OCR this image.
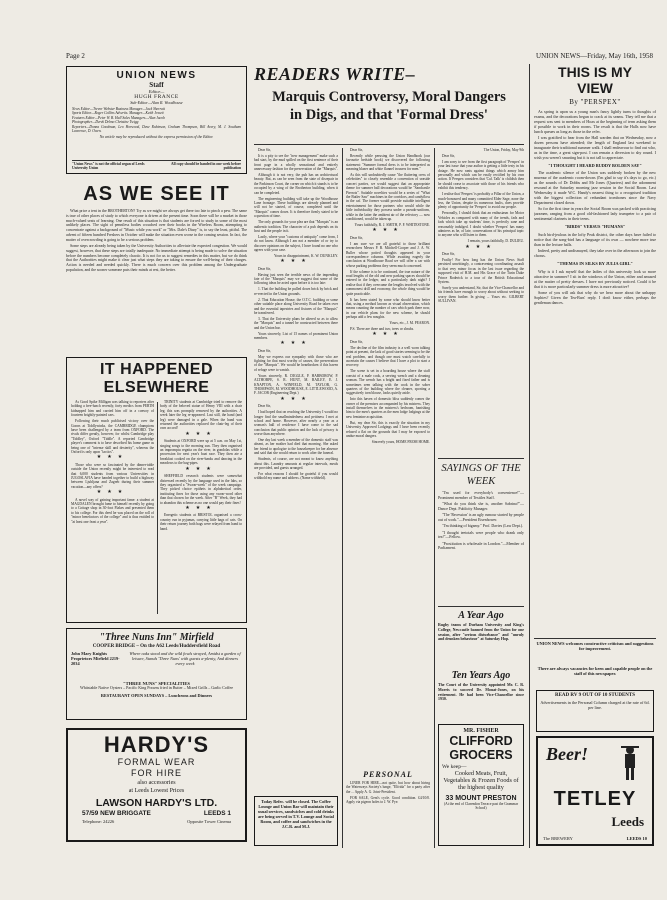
Page 2	UNION NEWS—Friday, May 16th, 1958
UNION NEWS
Staff
Editor—
HUGH FRANCE
Sub-Editor—Alan R. Woodhouse
News Editor—Trevor Webster Business Manager—Jack Sherratt
Sports Editor—Roger Collins Advertis. Manager—Keith Jowett
Features Editor—Peter W. B. Hall Sales Managers—Alan Jacob
Photographer—Derek Delmo Christine Twigg
Reporters—Donna Goodman, Leo Horwood, Dave Robinson, Graham Thompson, Bill Avery, M. J. Southam Lawrence, D. Owen.
No article may be reproduced without the express permission of the Editor.
"Union News" is not the official organ of Leeds University Union
All copy should be handed in one week before publication
AS WE SEE IT

What price a tent in the BROTHERTON? Try as we might we always get there too late to pinch a pew. The same is true of other places of study to which everyone is driven at the present time. Soon there will be a market in those much-valued seats of learning. One result of this situation is that students are forced to study in some of the most unlikely places. The sight of penniless bodies crouched over their books in the Wireless Room, attempting to concentrate against a background of "Music while you work" or "Mrs. Dale's Diary" is, to say the least, pitiful. The advent of fifteen hundred Freshers in October will make the situation even worse in the coming session. In fact, the matter of overcrowding is going to be a serious problem.

Some steps are already being taken by the University Authorities to alleviate the expected congestion. We would suggest, however, that these steps are totally inadequate. No immediate attempt is being made to solve the situation before the numbers become completely chaotic. It is not for us to suggest remedies in this matter, but we do think that the Authorities might make it clear just what steps they are taking to ensure the well-being of their charges. Action is needed and needed quickly. There is much concern over this problem among the Undergraduate population, and the sooner someone puts their minds at rest, the better.

IT HAPPENED
ELSEWHERE

As Good Spike Milligan was talking to reporters after holding a free-lunch recently, forty medics from PERTH kidnapped him and carried him off in a convoy of fourteen brightly-painted cars.

Following their much publicised victory over the Goons at Tiddlywinks, the CAMBRIDGE champions have been challenged by a team from OXFORD. The rivals differ greatly, however, for whilst Cambridge play "Tiddley", Oxford "Tiddle". A reported Cambridge player's comment is to have described his home game as being one of "intense skill and dexterity", whereas the Oxford is only upon "tactics".

★★★

Those who were so fascinated by the dinner-table outside the Union recently might be interested to read that 6,000 students from various Universities in JUGOSLAVIA have banded together to build a highway between Ljubljana and Zagreb during their summer vacation—any offers?

★★★

A novel way of gaining important fame: a student at MAGDALEN brought fame to himself recently by going to a Cottage shop in 30-foot Flakes and presented them to his college. For this deed he was placed on the roll of "minor benefactors of the college" and is thus entitled to "at least one feast a year".

TRINITY students at Cambridge tried to remove the body of the beloved statue of Henry VIII with a chair leg; this was promptly removed by the authorities. A week later the leg re-appeared. Last still, the hand (and leg) were damaged in a gale. When the hand was returned the authorities replaced the chair-leg of their own accord!

★★★

Students at OXFORD were up at 5 a.m. on May 1st, singing songs to the morning sun. They then organised an impromptu regatta on the river, in gondolas while a procession for next year's boat race. They then ate a breakfast cooked on the river-banks and dancing in the meadows to the bag-pipes.

★★★

SHEFFIELD research students were somewhat distressed recently by the language used in the labs, so they organised a "Swear-week" of the week campaign. They picked choice epithets in alphabetical order, instituting fines for those using any swear-word other than that chosen for the week. After "B" Week, they had to abandon this scheme as no one would pay their fines!

★★★

Energetic students at BRISTOL organised a cross-country run in pyjamas, carrying little bags of cats. On their return journey both bags were relayed from hand to hand.

"Three Nuns Inn" Mirfield
COOPER BRIDGE – On the A62 Leeds/Huddersfield Road
John Mary Knights Proprietors Mirfield 2219-2034
Where oaks stood and the wild fowls strayed, Amidst a garden of leisure, Stands 'Three Nuns' with guests a-plenty, And dinners every week
"THREE NUNS" SPECIALITIES
Whitstable Native Oysters – Pacific King Prawns fried in Butter – Mixed Grills – Garlic Coffee
RESTAURANT OPEN SUNDAYS – Luncheons and Dinners
HARDY'S
FORMAL WEAR
FOR HIRE
also accessories
at Leeds Lowest Prices
LAWSON HARDY'S LTD.
57/59 NEW BRIGGATE	LEEDS 1
Telephone: 24226	Opposite Tower Cinema
READERS WRITE–
Marquis Controversy, Moral Dangers
in Digs, and that 'Formal Dress'

Dear Sir,

It is a pity to see the "new management" make such a bad start, by the mud spilled on the first sentence of their front page in a wholly sensational and entirely unnecessary fashion for the preservation of the "Marquis".

Although it is not very, the pub has an architectural beauty. But, as can be seen from the state of disrepair in the Parkinson Court, the corner on which it stands is to be occupied by a wing of the Brotherton building, when it can be completed.

The engineering building will take up the Woodhouse Lane frontage. These buildings are already planned and will not be started, of course, completed until the "Marquis" comes down. It is therefore firmly stated to be a question of time.

The only grounds for your plea are that "Marquis" is an authentic tradition. The character of a pub depends on its host and the people in it.

Lastly, where your "customs of antiquity" come from, I do not know. Although I am not a member of or try to discover opinions on the subject, I have found no one who agrees with your case.

Yours in disappointment, K. W. DUNKLEY.

★★★

Dear Sir,

Having just seen the terrible news of the impending fate of the "Marquis" may we suggest that some of the following ideas be acted upon before it is too late:

1. That the building be pulled down brick by brick and re-erected in the Union grounds.

2. That Education House, the O.T.C. building or some other suitable place along University Road be taken over and the essential tapestries and fixtures of the "Marquis" be transferred.

3. That the University plans be altered so as to allow the "Marquis" and a tunnel be constructed between there and the Union bar.

Yours sincerely, List of 15 names of prominent Union members.

★★★

Dear Sir,

May we express our sympathy with those who are fighting for that most worthy of causes, the preservation of the "Marquis". We would be heartbroken if this haven of refuge were to vanish.

Yours sincerely, R. DIGGLE, P. HARBOROW, P. ALTHORPE, S. R. HUNT, M. BAILEY, E. J. KNAPTON, A. WINFIELD, M. TAYLOR, G. THOMPSON, M. WOODHOUSE, E. LITTLEWOOD, A. F. JACOB (Engineering Dept.)

★★★

Dear Sir,

I had hoped that on reaching the University I would no longer find the smallmindedness and pettiness I met at school and home. However, after nearly a year as a woman's hall of residence I have come to the sad conclusion that public opinion and the lack of privacy is worse than anywhere.

One day last week a member of the domestic staff was absent, as her mother had died that morning. She asked her friend to apologise to the housekeeper for her absence and said that she would return to work after the funeral.

Students, of course, are not meant to know anything about this. Laundry amounts at regular intervals, meals are provided, and guests arranged.

For what reasons I should be grateful if you would withhold my name and address. (Name withheld).

Today Refec. will be closed. The Coffee Lounge and Union Bar will maintain their usual services, sandwiches and cold drinks are being served in T.V. Lounge and Social Room, and coffee and sandwiches in the J.C.R. and M.J.

Dear Sir,

Recently while perusing the Union Handbook (our favourite bedside book) we discovered the following statement: "Summer formal dress is to be interpreted as meaning blazer and white flannel trousers for men."

As this will undoubtedly cause "the fluttering cress of celebrities" to closely resemble a convention of seaside concert parties, we would suggest that an appropriate theme for summer ball decorations would be "Sandcastle Pierrots". Suitable novelties would be a series of "What the Butler Saw" machines in the corridors, and candyfloss in the caf. The former would provide suitable intelligent entertainment for those partners who would while the little individuality they possess under a pseudo-uniform, while in the latter the ambient air of the refectory — now conditioned, would be taken up.

Yours faithfully, R. J. SMITH, P. F. WHITESTONE.

★★★

Dear Sir,

I am sure we are all grateful to those brilliant researchers Messrs P. B. Mitchell-Cooper and J. A. W. Buller whose potted thoughts appeared in your correspondence columns. While awaiting eagerly the conclusion at Woodhouse Road we will offer a car with whose parking problems they seem much concerned.

If the scheme is to be continued, the true nature of the road lengths of the old and new parking spaces should be entered in the ledger, and a particularly dark night? I realise that if they overcame the lengths involved with the commonest drill and economy, the whole thing would be quite practicable.

It has been stated by some who should know better that, using a method known as visual observation, which means counting the number of cars which park there now, in our vehicle plans for the new scheme, he should perhaps add a few noughts.

Yours, etc., J. M. PEARON.

P.S. There are three and two, trees or shrubs.

★★★

Dear Sir,

The decline of the film industry is a well worn talking point at present, the lack of good stories seeming to be the real problem, and though one must watch carefully to ascertain the causes I believe that I have a plot to start a recovery.

The scene is set in a boarding house where the staff consist of a male cook, a serving wench and a cleaning woman. The wench has a bright and fixed father and is sometimes seen talking with the cook in the sober quarters of the building where the cleaner, sporting a suggestively torn blouse, looks quietly aside.

Into this haven of domestic bliss suddenly comes the owner of the premises accompanied by his mistress. They install themselves in the mistress's bedroom, banishing him to the men's quarters as the men lodge lodgings at the new feminine acquisition.

But, my dear Sir, this is exactly the situation in my University Approved Lodgings and I have been recently refused a flat on the grounds that I may be exposed to undue moral dangers.

Sincerely yours, HOME FROM HOME.

PERSONAL

LINER FOR HIRE—not quite, but how about hiring the Waterways Society's barge, "Elfrida" for a party after the ... Apply A. G. Joint-President.

FOR SALE, Gent's cycle. Good condition. £4/10/0. Apply via pigeon holes to J. W. Pye.

The Union, Friday, May 9th

Dear Sir,

I am sorry to see from the first paragraph of 'Perspex' in your last issue that your author is getting a little testy in his dotage. He now rants against things which annoy him personally and which can be easily rectified by his own action. If Perspex considers that 'Caf. Talk' is childish then he should cease to associate with those of his friends who exhibit this tendency.

I realise that 'Perspex' is probably a Pillar of the Union, a much-honoured and many committed Elder Sage, none the less, the Union, despite its numerous faults, does provide plenty of opportunity for 'Perspex' to avoid our people.

Personally, I should think that an enthusiasm for Motor Vehicles as compared with many of the trends, fads and fads which take up students' time, is perfectly sane and reasonably indulged. I doubt whether 'Perspex' has many admirers as he, of late, conversations of his principal topic to anyone who will listen to them.

I remain, yours faithfully, D. DULIEU.

★★★

Dear Sir,

Frailty! For how long has the Union News Staff persisted unwittingly, a contravening coordinating assault to that very minor focus in the last issue regarding the supposed visit of H.M. and His Grace of the Turin Duke Prince Roderick to a tour of the British Educational System.

Surely you understand, Sir, that the Vice-Chancellor and his friends have enough to worry about without seeking to worry them further. In giving ... Yours etc. GILBERT SULLIVAN.

SAYINGS OF THE WEEK

"I'm used for everybody's convenience!"—Prominent member of Textiles Staff.

"What do you think she is, another Sabrina?"—Dance Dept. Publicity Manager.

"The 'Recession' is an ugly rumour started by people out of work."—President Eisenhower.

"I'm thinking of bigamy." Prof. Davies (Law Dept.).

"I thought teetotals were people who drank only tea!"—Fellow.

"Prostitution is wholesale in London."—Member of Parliament.

A Year Ago
Rugby teams of Durham University and King's College, Newcastle banned from the Union for one session, after "serious disturbance" and "unruly and drunken behaviour" at Saturday Hop.
Ten Years Ago
The Court of the University appointed Mr. C. R. Morris to succeed Dr. Mouat-Jones, on his retirement. He had been Vice-Chancellor since 1930.
MR. FISHER
CLIFFORD
GROCERS
We keep—
Cooked Meats, Fruit, Vegetables & Frozen Foods of the highest quality
33 MOUNT PRESTON
(At the end of Clarendon Terrace past the Grammar School)
THIS IS MY
VIEW
By "PERSPEX"

As spring is upon us a young man's fancy lightly turns to thoughts of exams, and the decorations begun to crack at its seams. They tell me that a request was sent to members of Hoax at the beginning of term asking them if possible to work in their rooms. The result is that the Halls now have lunch queues as long as those in the refec.

I was gratified to hear from the Hall warden that on Wednesday, now a dozen persons have attended; the length of England last weekend to inaugurate their traditional summer walk. I shall endeavour to find out who, as in the time, a great sign-post. I can remain a diversion to shy round. I wish you weren't smarting but it is not tall to appreciate.

"I THOUGHT I HEARD BUDDY BOLDEN SAY"

The academic silence of the Union was suddenly broken by the new murmur of the academic room-downs (I'm glad to say it's days to go, etc.) as the sounds of Dr Dobbs and Mr Jones (Quarters) and the adornment resound at the Saturday morning jazz session in the Social Room. Last Wednesday it made W.C. Handy's nearest thing to a recognised tradition with the biggest collection of redundant trombones since the Navy Department closed down.

So for the first time in years the Social Room was packed with practicing jazzmen, ranging from a good old-fashioned lady trumpeter to a pair of sentimental clarinets in their teens.

"BIRDS" VERSUS "HUMANS"

Such bird-jealous in the lofty Peak district, the other days have failed to notice that the song-bird has a language of its own — nowhere more true than in the lecture halls.

Indeed, pretty and undismayed, they take over in the afternoon to join the chorus.

"THEMAS IN SILKS BY JULIA GIRL"

Why is it I ask myself that the ladies of this university look so more attractive in summer? I sit in the windows of the Union, either and amused at the matter of pretty dresses. I have not previously noticed. Could it be that it is more particularly summer dress is more attractive?

Some of you will ask that why do we hear more about the unhappy Sophies? Given the Tea-Bars' reply. I don't know either, perhaps the gentleman dances.

UNION NEWS welcomes constructive criticism and suggestions for improvement.
There are always vacancies for keen and capable people on the staff of this newspaper.
READ RV 9 OUT OF 10 STUDENTS
Advertisements in the Personal Column charged at the rate of 6d. per line.
Beer!
TETLEY
Leeds
The BREWERY	LEEDS 10
